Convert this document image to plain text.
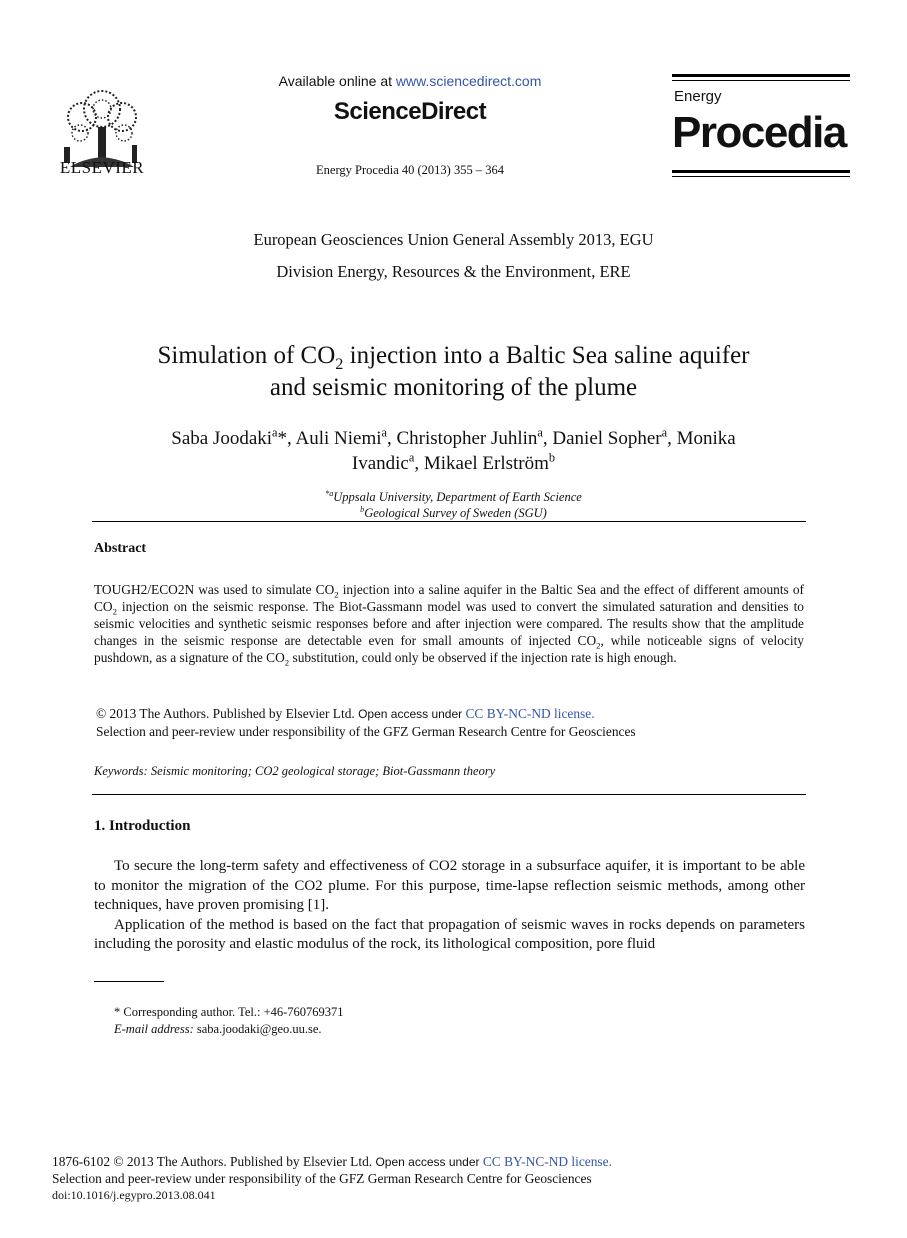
ELSEVIER
Available online at www.sciencedirect.com
ScienceDirect
Energy Procedia 40 (2013) 355 – 364
Energy
Procedia
European Geosciences Union General Assembly 2013, EGU
Division Energy, Resources & the Environment, ERE
Simulation of $CO_2$ injection into a Baltic Sea saline aquifer
and seismic monitoring of the plume
Saba Joodaki$^a$*, Auli Niemi$^a$, Christopher Juhlin$^a$, Daniel Sopher$^a$, Monika
Ivandic$^a$, Mikael Erlström$^b$
$^{*a}$Uppsala University, Department of Earth Science
$^b$Geological Survey of Sweden (SGU)
Abstract
TOUGH2/ECO2N was used to simulate $CO_2$ injection into a saline aquifer in the Baltic Sea and the effect of different amounts of $CO_2$ injection on the seismic response. The Biot-Gassmann model was used to convert the simulated saturation and densities to seismic velocities and synthetic seismic responses before and after injection were compared. The results show that the amplitude changes in the seismic response are detectable even for small amounts of injected $CO_2$, while noticeable signs of velocity pushdown, as a signature of the $CO_2$ substitution, could only be observed if the injection rate is high enough.
© 2013 The Authors. Published by Elsevier Ltd. Open access under CC BY-NC-ND license.
Selection and peer-review under responsibility of the GFZ German Research Centre for Geosciences
Keywords: Seismic monitoring; CO2 geological storage; Biot-Gassmann theory
1. Introduction

To secure the long-term safety and effectiveness of CO2 storage in a subsurface aquifer, it is important to be able to monitor the migration of the CO2 plume. For this purpose, time-lapse reflection seismic methods, among other techniques, have proven promising [1].

Application of the method is based on the fact that propagation of seismic waves in rocks depends on parameters including the porosity and elastic modulus of the rock, its lithological composition, pore fluid

* Corresponding author. Tel.: +46-760769371
E-mail address: saba.joodaki@geo.uu.se.
1876-6102 © 2013 The Authors. Published by Elsevier Ltd. Open access under CC BY-NC-ND license.
Selection and peer-review under responsibility of the GFZ German Research Centre for Geosciences
doi:10.1016/j.egypro.2013.08.041
